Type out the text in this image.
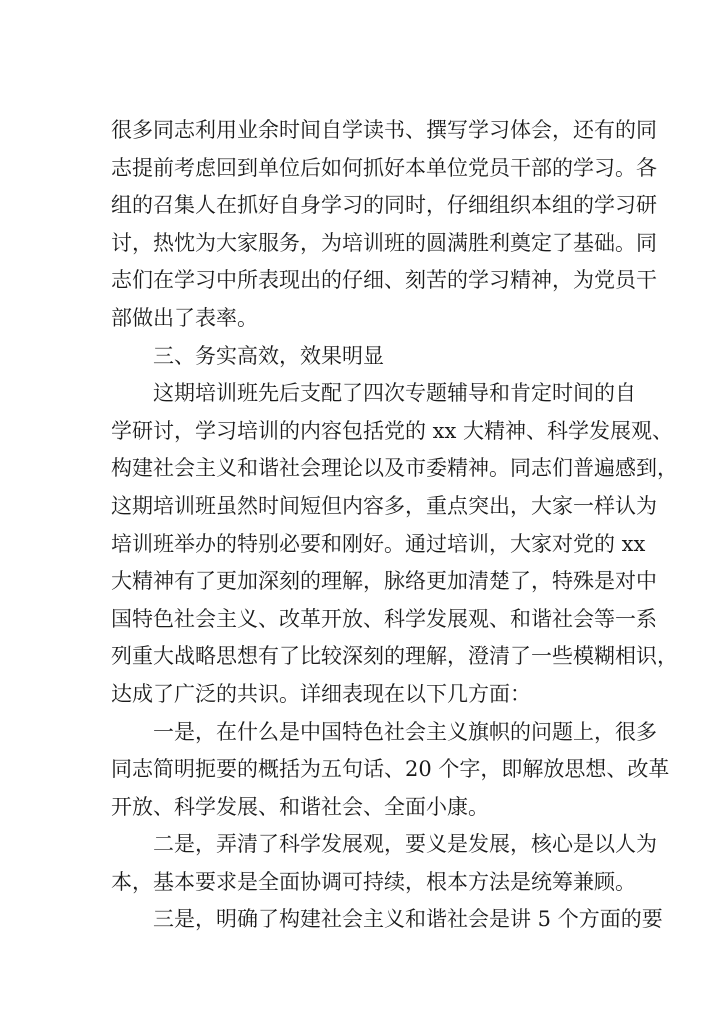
很多同志利用业余时间自学读书、撰写学习体会，还有的同
志提前考虑回到单位后如何抓好本单位党员干部的学习。各
组的召集人在抓好自身学习的同时，仔细组织本组的学习研
讨，热忱为大家服务，为培训班的圆满胜利奠定了基础。同
志们在学习中所表现出的仔细、刻苦的学习精神，为党员干
部做出了表率。
三、务实高效，效果明显
这期培训班先后支配了四次专题辅导和肯定时间的自
学研讨，学习培训的内容包括党的 xx 大精神、科学发展观、
构建社会主义和谐社会理论以及市委精神。同志们普遍感到，
这期培训班虽然时间短但内容多，重点突出，大家一样认为
培训班举办的特别必要和刚好。通过培训，大家对党的 xx
大精神有了更加深刻的理解，脉络更加清楚了，特殊是对中
国特色社会主义、改革开放、科学发展观、和谐社会等一系
列重大战略思想有了比较深刻的理解，澄清了一些模糊相识，
达成了广泛的共识。详细表现在以下几方面：
一是，在什么是中国特色社会主义旗帜的问题上，很多
同志简明扼要的概括为五句话、20 个字，即解放思想、改革
开放、科学发展、和谐社会、全面小康。
二是，弄清了科学发展观，要义是发展，核心是以人为
本，基本要求是全面协调可持续，根本方法是统筹兼顾。
三是，明确了构建社会主义和谐社会是讲 5 个方面的要
